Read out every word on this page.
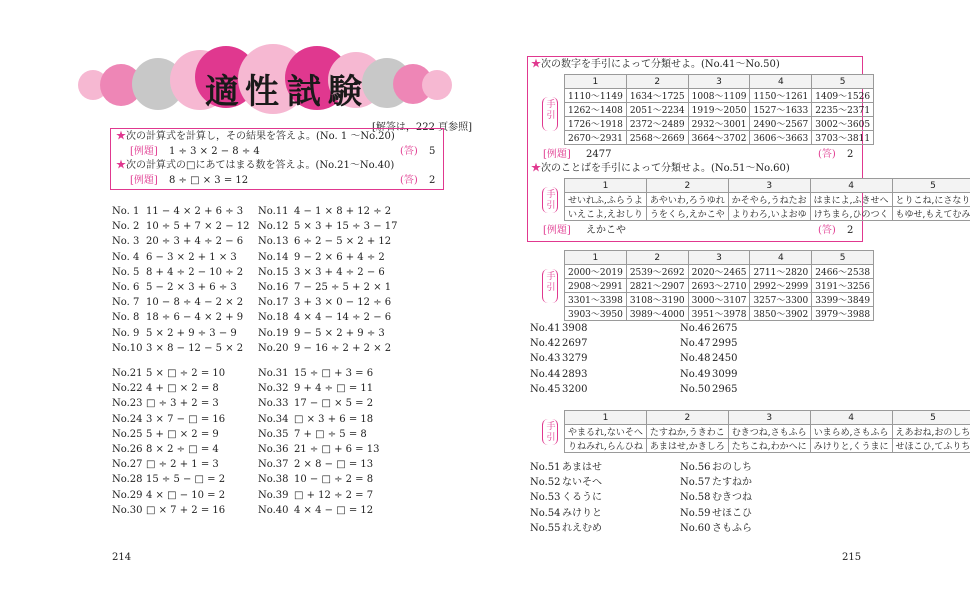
適 性 試 験
[解答は，222 頁参照]
★次の計算式を計算し，その結果を答えよ。(No. 1 〜No.20)
[例題] 1 ÷ 3 × 2 − 8 ÷ 4	(答) 5
★次の計算式の□にあてはまる数を答えよ。(No.21〜No.40)
[例題] 8 ÷ □ × 3 = 12	(答) 2
No. 1 11 − 4 × 2 + 6 ÷ 3
No. 2 10 ÷ 5 + 7 × 2 − 12
No. 3 20 ÷ 3 + 4 ÷ 2 − 6
No. 4 6 − 3 × 2 + 1 × 3
No. 5 8 + 4 ÷ 2 − 10 ÷ 2
No. 6 5 − 2 × 3 + 6 ÷ 3
No. 7 10 − 8 ÷ 4 − 2 × 2
No. 8 18 ÷ 6 − 4 × 2 + 9
No. 9 5 × 2 + 9 ÷ 3 − 9
No.10 3 × 8 − 12 − 5 × 2
No.11 4 − 1 × 8 + 12 ÷ 2
No.12 5 × 3 + 15 ÷ 3 − 17
No.13 6 ÷ 2 − 5 × 2 + 12
No.14 9 − 2 × 6 + 4 ÷ 2
No.15 3 × 3 + 4 ÷ 2 − 6
No.16 7 − 25 ÷ 5 + 2 × 1
No.17 3 + 3 × 0 − 12 ÷ 6
No.18 4 × 4 − 14 ÷ 2 − 6
No.19 9 − 5 × 2 + 9 ÷ 3
No.20 9 − 16 ÷ 2 + 2 × 2
No.21 5 × □ ÷ 2 = 10
No.22 4 + □ × 2 = 8
No.23 □ ÷ 3 + 2 = 3
No.24 3 × 7 − □ = 16
No.25 5 + □ × 2 = 9
No.26 8 × 2 ÷ □ = 4
No.27 □ ÷ 2 + 1 = 3
No.28 15 ÷ 5 − □ = 2
No.29 4 × □ − 10 = 2
No.30 □ × 7 + 2 = 16
No.31 15 ÷ □ + 3 = 6
No.32 9 + 4 ÷ □ = 11
No.33 17 − □ × 5 = 2
No.34 □ × 3 + 6 = 18
No.35 7 + □ ÷ 5 = 8
No.36 21 ÷ □ + 6 = 13
No.37 2 × 8 − □ = 13
No.38 10 − □ ÷ 2 = 8
No.39 □ + 12 ÷ 2 = 7
No.40 4 × 4 − □ = 12
214
★次の数字を手引によって分類せよ。(No.41〜No.50)
手
引
1	2	3	4	5
1110〜1149	1634〜1725	1008〜1109	1150〜1261	1409〜1526
1262〜1408	2051〜2234	1919〜2050	1527〜1633	2235〜2371
1726〜1918	2372〜2489	2932〜3001	2490〜2567	3002〜3605
2670〜2931	2568〜2669	3664〜3702	3606〜3663	3703〜3811
[例題] 2477	(答) 2
★次のことばを手引によって分類せよ。(No.51〜No.60)
手
引
1	2	3	4	5
せいれふ,ふらうよ	あやいわ,ろうゆれ	かそやら,うねたお	はまによ,ふきせへ	とりこね,にさなり
いえこよ,えおしり	うをくら,えかこや	よりわろ,いよおゆ	けちまら,ひのつく	もゆせ,もえてむみ
[例題] えかこや	(答) 2
手
引
1	2	3	4	5
2000〜2019	2539〜2692	2020〜2465	2711〜2820	2466〜2538
2908〜2991	2821〜2907	2693〜2710	2992〜2999	3191〜3256
3301〜3398	3108〜3190	3000〜3107	3257〜3300	3399〜3849
3903〜3950	3989〜4000	3951〜3978	3850〜3902	3979〜3988
No.41 3908
No.42 2697
No.43 3279
No.44 2893
No.45 3200
No.46 2675
No.47 2995
No.48 2450
No.49 3099
No.50 2965
手
引
1	2	3	4	5
やまるれ,ないそへ	たすねか,うきわこ	むきつね,さもふら	いまらめ,さもふら	えあおね,おのしち
りねみれ,らんひね	あまはせ,かきしろ	たちこね,わかへに	みけりと,くうまに	せほこひ,てふりち
No.51 あまはせ
No.52 ないそへ
No.53 くるうに
No.54 みけりと
No.55 れえむめ
No.56 おのしち
No.57 たすねか
No.58 むきつね
No.59 せほこひ
No.60 さもふら
215
